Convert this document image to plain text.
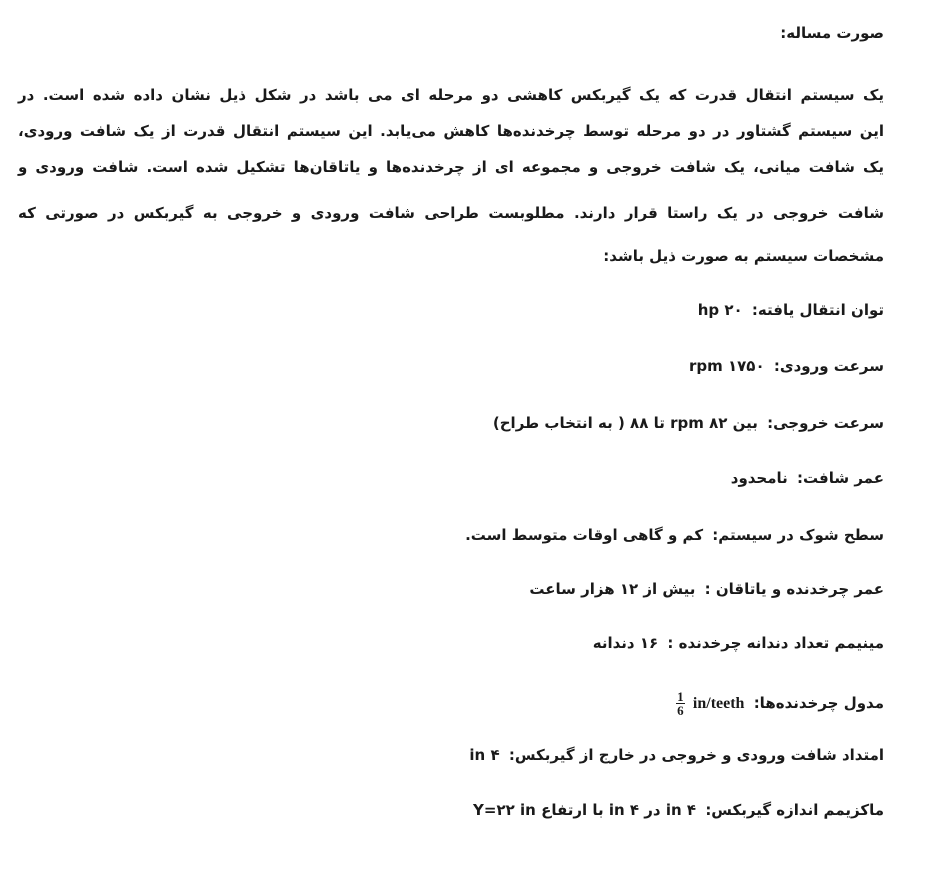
صورت مساله:
یک سیستم انتقال قدرت که یک گیربکس کاهشی دو مرحله ای می باشد در شکل ذیل نشان داده شده است. در
این سیستم گشتاور در دو مرحله توسط چرخدنده‌ها کاهش می‌یابد. این سیستم انتقال قدرت از یک شافت ورودی،
یک شافت میانی، یک شافت خروجی و مجموعه ای از چرخدنده‌ها و یاتاقان‌ها تشکیل شده است. شافت ورودی و
شافت خروجی در یک راستا قرار دارند. مطلوبست طراحی شافت ورودی و خروجی به گیربکس در صورتی که
مشخصات سیستم به صورت ذیل باشد:
توان انتقال یافته: ۲۰ hp
سرعت ورودی: ۱۷۵۰ rpm
سرعت خروجی: بین ۸۲ rpm تا ۸۸ ( به انتخاب طراح)
عمر شافت: نامحدود
سطح شوک در سیستم: کم و گاهی اوقات متوسط است.
عمر چرخدنده و یاتاقان : بیش از ۱۲ هزار ساعت
مینیمم تعداد دندانه چرخدنده : ۱۶ دندانه
مدول چرخدنده‌ها: in/teeth
$\frac{1}{6}$
امتداد شافت ورودی و خروجی در خارج از گیربکس: ۴ in
ماکزیمم اندازه گیربکس: ۴ in در ۴ in با ارتفاع Y=۲۲ in
